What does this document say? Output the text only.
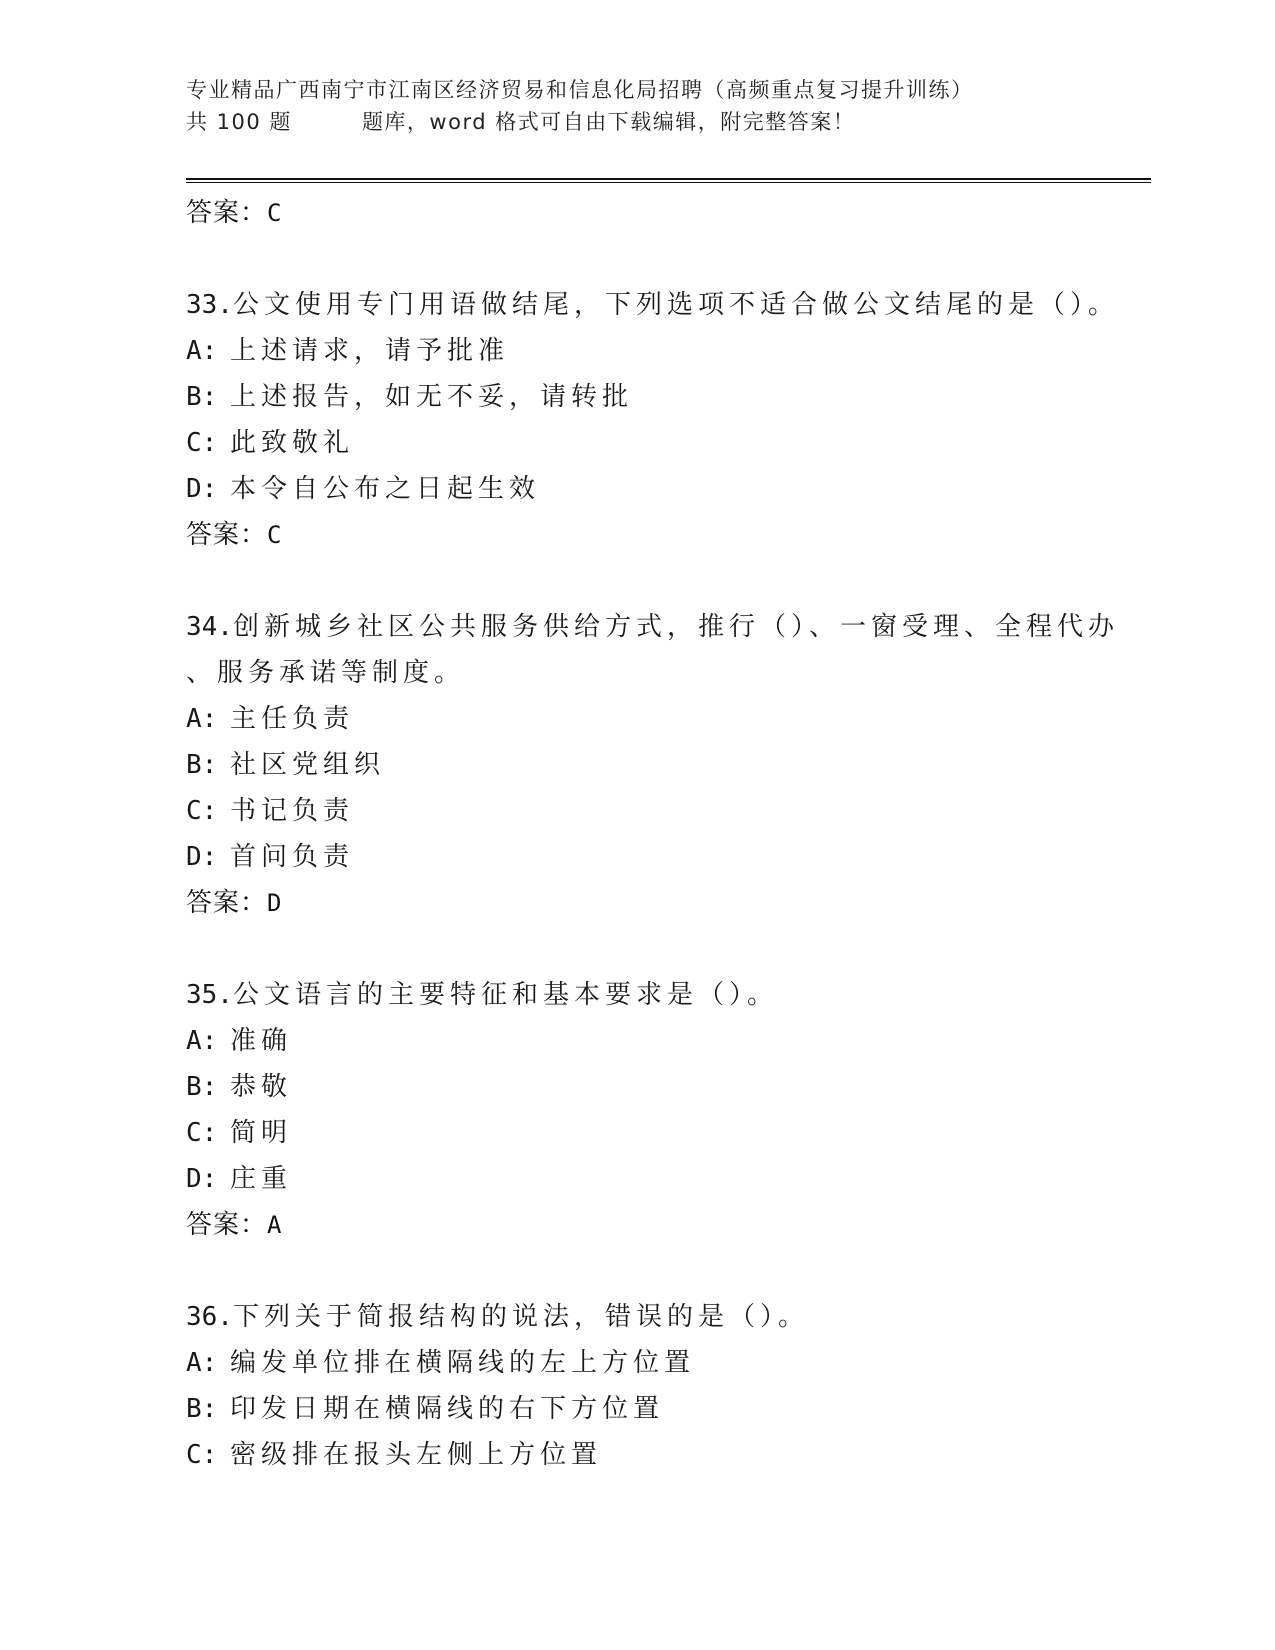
专业精品广西南宁市江南区经济贸易和信息化局招聘（高频重点复习提升训练）
共 100 题	题库，word 格式可自由下载编辑，附完整答案！
答案：C
33.公文使用专门用语做结尾，下列选项不适合做公文结尾的是（）。
A: 上述请求，请予批准
B: 上述报告，如无不妥，请转批
C: 此致敬礼
D: 本令自公布之日起生效
答案：C
34.创新城乡社区公共服务供给方式，推行（）、一窗受理、全程代办
、服务承诺等制度。
A: 主任负责
B: 社区党组织
C: 书记负责
D: 首问负责
答案：D
35.公文语言的主要特征和基本要求是（）。
A: 准确
B: 恭敬
C: 简明
D: 庄重
答案：A
36.下列关于简报结构的说法，错误的是（）。
A: 编发单位排在横隔线的左上方位置
B: 印发日期在横隔线的右下方位置
C: 密级排在报头左侧上方位置
